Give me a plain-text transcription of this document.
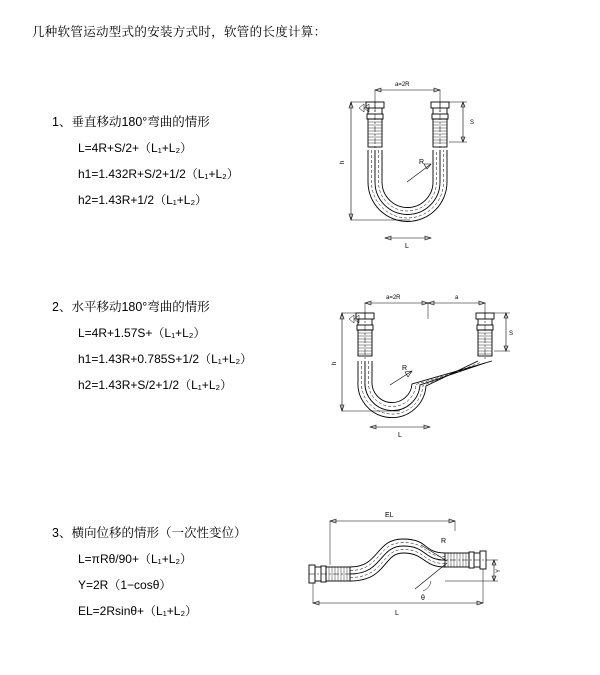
几种软管运动型式的安装方式时，软管的长度计算：
1、垂直移动180°弯曲的情形
L=4R+S/2+（L₁+L₂）
h1=1.432R+S/2+1/2（L₁+L₂）
h2=1.43R+1/2（L₁+L₂）
a=2R
R
h
S
L
2、水平移动180°弯曲的情形
L=4R+1.57S+（L₁+L₂）
h1=1.43R+0.785S+1/2（L₁+L₂）
h2=1.43R+S/2+1/2（L₁+L₂）
a=2R	a
R
h
S
L
3、横向位移的情形（一次性变位）
L=πRθ/90+（L₁+L₂）
Y=2R（1−cosθ）
EL=2Rsinθ+（L₁+L₂）
EL
θ
R
Y
L
